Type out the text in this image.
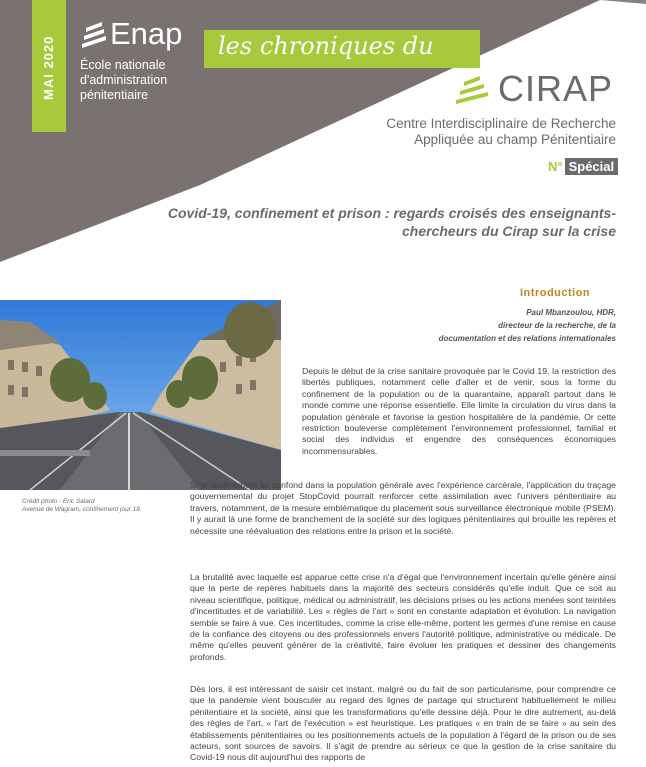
MAI 2020
Enap
École nationale d'administration pénitentiaire
les chroniques du
CIRAP
Centre Interdisciplinaire de Recherche Appliquée au champ Pénitentiaire
N° Spécial
Covid-19, confinement et prison : regards croisés des enseignants-chercheurs du Cirap sur la crise
Crédit photo : Eric Salard
Avenue de Wagram, confinement jour 18.
Introduction
Paul Mbanzoulou, HDR,
directeur de la recherche, de la
documentation et des relations internationales
Depuis le début de la crise sanitaire provoquée par le Covid 19, la restriction des libertés publiques, notamment celle d'aller et de venir, sous la forme du confinement de la population ou de la quarantaine, apparaît partout dans le monde comme une réponse essentielle. Elle limite la circulation du virus dans la population générale et favorise la gestion hospitalière de la pandémie. Or cette restriction bouleverse complètement l'environnement professionnel, familial et social des individus et engendre des conséquences économiques incommensurables.
Si le confinement se confond dans la population générale avec l'expérience carcérale, l'application du traçage gouvernemental du projet StopCovid pourrait renforcer cette assimilation avec l'univers pénitentiaire au travers, notamment, de la mesure emblématique du placement sous surveillance électronique mobile (PSEM). Il y aurait là une forme de branchement de la société sur des logiques pénitentiaires qui brouille les repères et nécessite une réévaluation des relations entre la prison et la société.
La brutalité avec laquelle est apparue cette crise n'a d'égal que l'environnement incertain qu'elle génère ainsi que la perte de repères habituels dans la majorité des secteurs considérés qu'elle induit. Que ce soit au niveau scientifique, politique, médical ou administratif, les décisions prises ou les actions menées sont teintées d'incertitudes et de variabilité. Les « règles de l'art » sont en constante adaptation et évolution. La navigation semble se faire à vue. Ces incertitudes, comme la crise elle-même, portent les germes d'une remise en cause de la confiance des citoyens ou des professionnels envers l'autorité politique, administrative ou médicale. De même qu'elles peuvent générer de la créativité, faire évoluer les pratiques et dessiner des changements profonds.
Dès lors, il est intéressant de saisir cet instant, malgré ou du fait de son particularisme, pour comprendre ce que la pandémie vient bousculer au regard des lignes de partage qui structurent habituellement le milieu pénitentiaire et la société, ainsi que les transformations qu'elle dessine déjà. Pour le dire autrement, au-delà des règles de l'art, « l'art de l'exécution » est heuristique. Les pratiques « en train de se faire » au sein des établissements pénitentiaires ou les positionnements actuels de la population à l'égard de la prison ou de ses acteurs, sont sources de savoirs. Il s'agit de prendre au sérieux ce que la gestion de la crise sanitaire du Covid-19 nous dit aujourd'hui des rapports de
